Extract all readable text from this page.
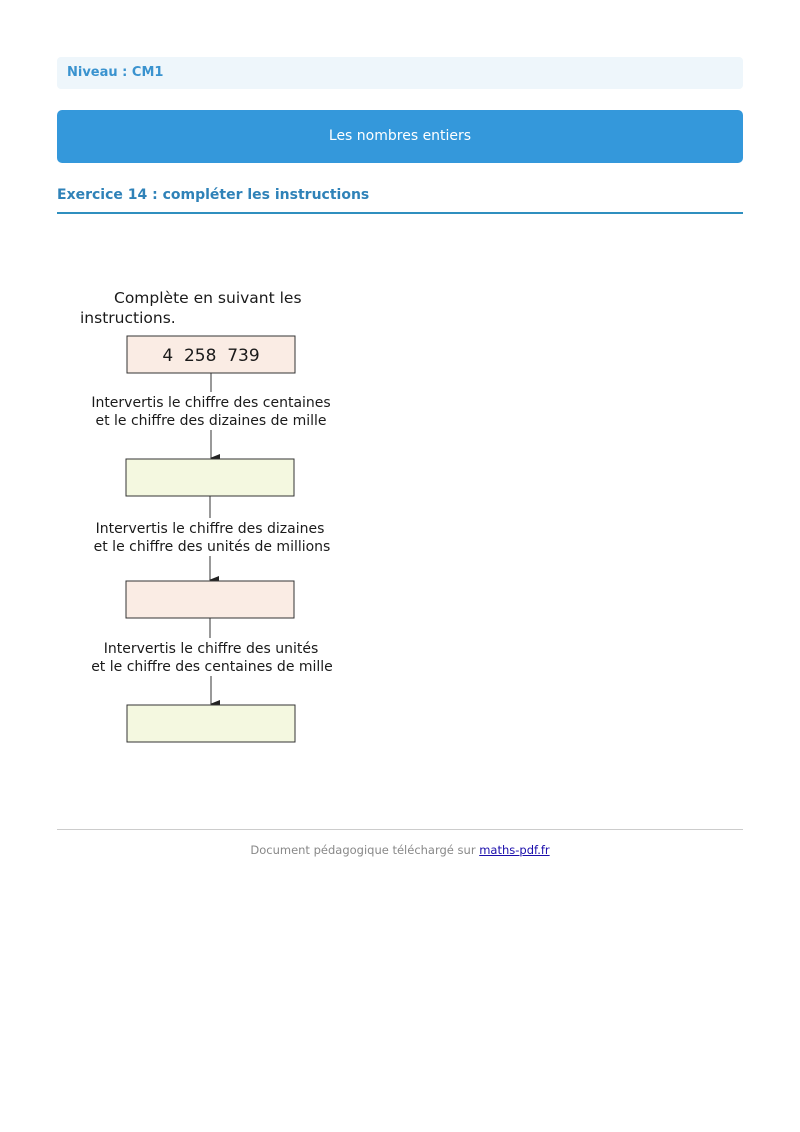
Niveau : CM1
Les nombres entiers
Exercice 14 : compléter les instructions
Complète en suivant les
instructions.
4  258  739
Intervertis le chiffre des centaines
et le chiffre des dizaines de mille
Intervertis le chiffre des dizaines
et le chiffre des unités de millions
Intervertis le chiffre des unités
et le chiffre des centaines de mille
Document pédagogique téléchargé sur maths-pdf.fr
